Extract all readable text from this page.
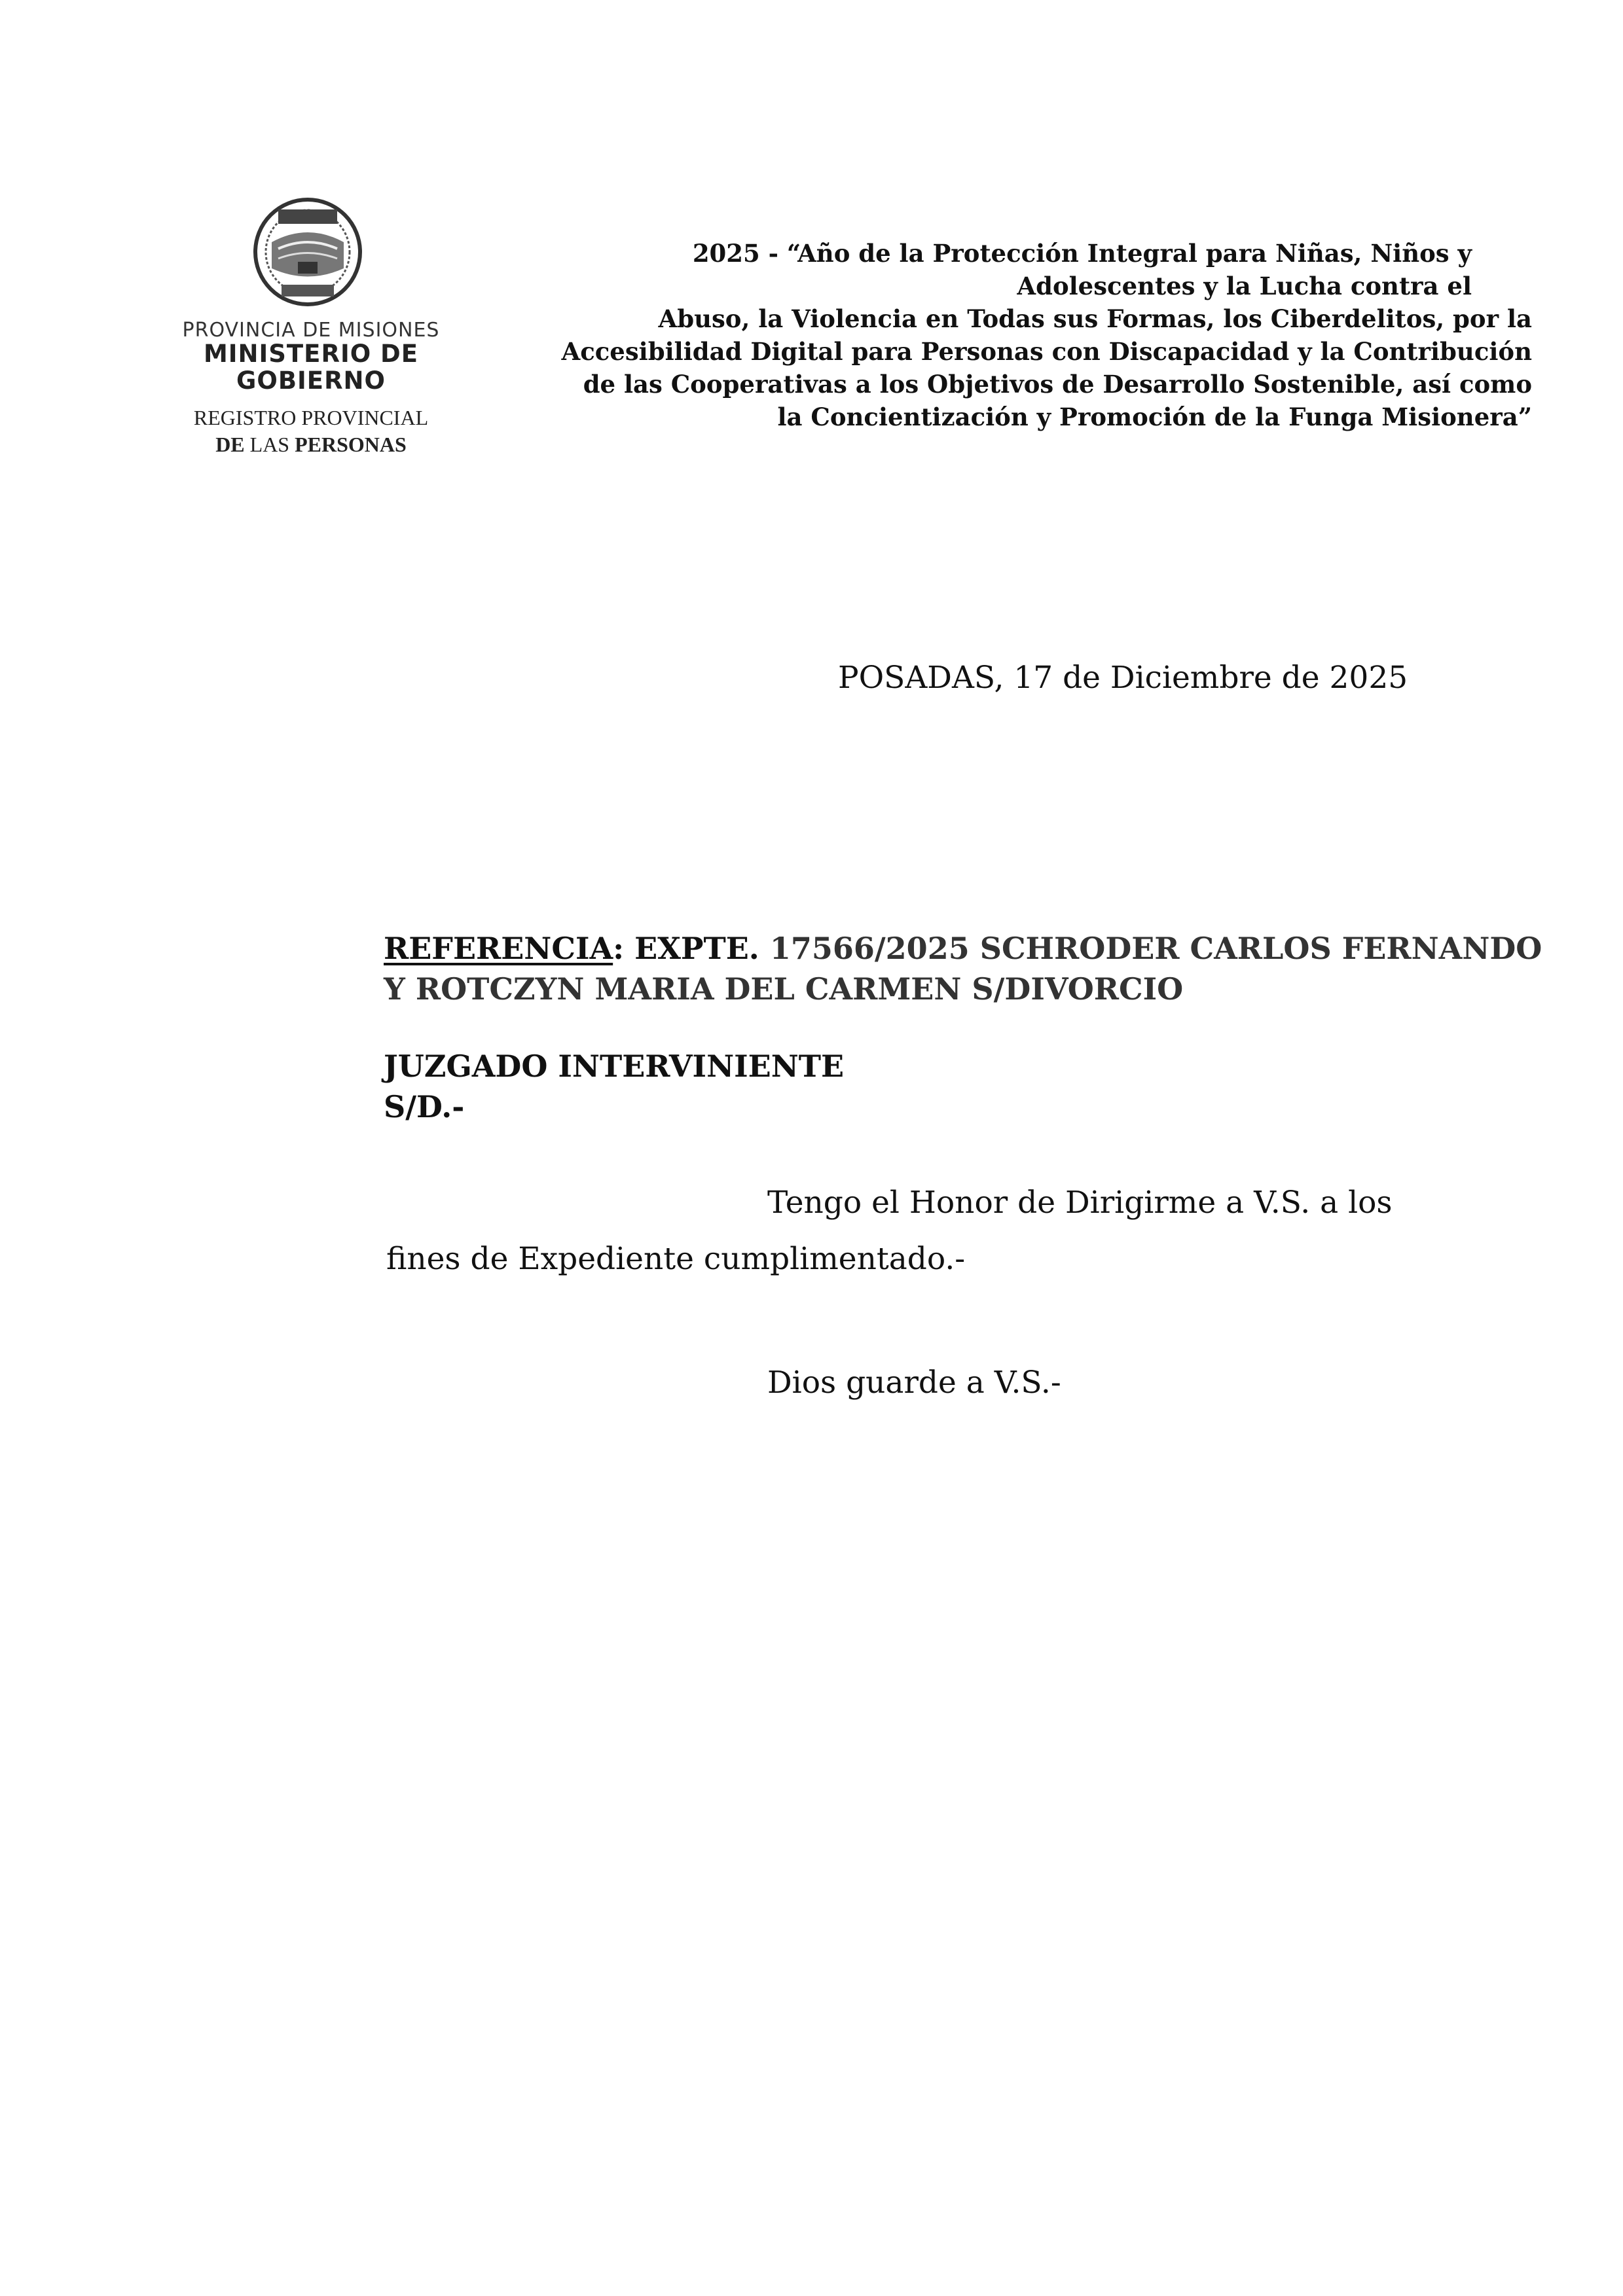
PROVINCIA DE MISIONES
MINISTERIO DE GOBIERNO
REGISTRO PROVINCIAL
DE LAS PERSONAS
2025 - “Año de la Protección Integral para Niñas, Niños y
Adolescentes y la Lucha contra el
Abuso, la Violencia en Todas sus Formas, los Ciberdelitos, por la
Accesibilidad Digital para Personas con Discapacidad y la Contribución
de las Cooperativas a los Objetivos de Desarrollo Sostenible, así como
la Concientización y Promoción de la Funga Misionera”
POSADAS, 17 de Diciembre de 2025
REFERENCIA: EXPTE. 17566/2025 SCHRODER CARLOS FERNANDO
Y ROTCZYN MARIA DEL CARMEN S/DIVORCIO
JUZGADO INTERVINIENTE
S/D.-
Tengo el Honor de Dirigirme a V.S. a los
fines de Expediente cumplimentado.-
Dios guarde a V.S.-
